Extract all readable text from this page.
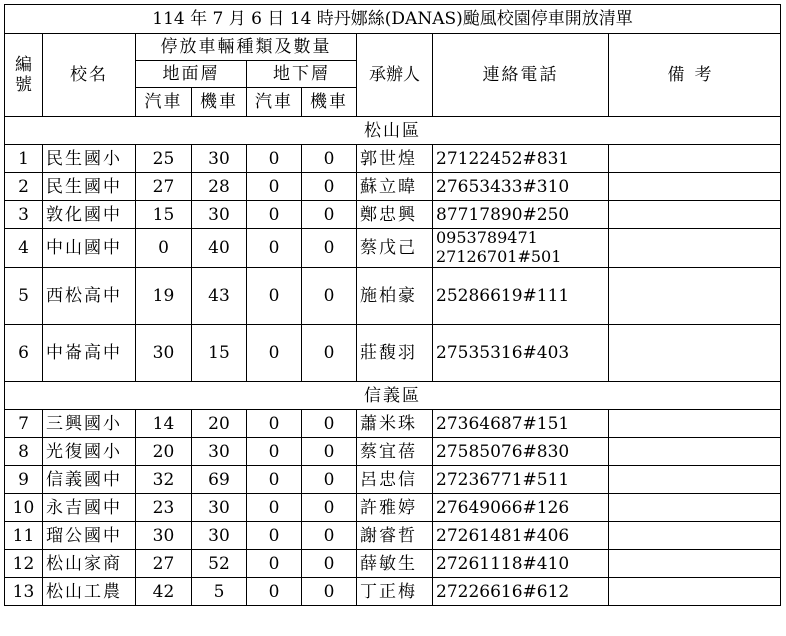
114 年 7 月 6 日 14 時丹娜絲(DANAS)颱風校園停車開放清單								
編號	校名	停放車輛種類及數量				承辦人	連絡電話	備考
		地面層		地下層				
		汽車	機車	汽車	機車			
松山區								
1	民生國小	25	30	0	0	郭世煌	27122452#831	

2	民生國中	27	28	0	0	蘇立暐	27653433#310	

3	敦化國中	15	30	0	0	鄭忠興	87717890#250	

4	中山國中	0	40	0	0	蔡戊己	0953789471
27126701#501	

5	西松高中	19	43	0	0	施柏豪	25286619#111	

6	中崙高中	30	15	0	0	莊馥羽	27535316#403	

信義區								
7	三興國小	14	20	0	0	蕭米珠	27364687#151	

8	光復國小	20	30	0	0	蔡宜蓓	27585076#830	

9	信義國中	32	69	0	0	呂忠信	27236771#511	

10	永吉國中	23	30	0	0	許雅婷	27649066#126	

11	瑠公國中	30	30	0	0	謝睿哲	27261481#406	

12	松山家商	27	52	0	0	薛敏生	27261118#410	

13	松山工農	42	5	0	0	丁正梅	27226616#612	
